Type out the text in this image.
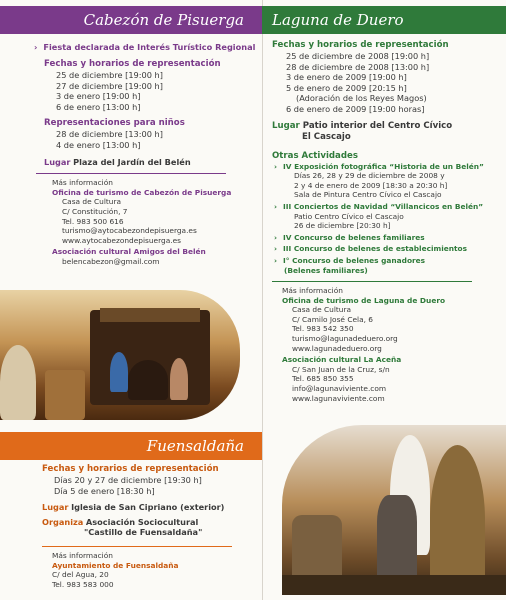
Cabezón de Pisuerga
› Fiesta declarada de Interés Turístico Regional
Fechas y horarios de representación
25 de diciembre [19:00 h]
27 de diciembre [19:00 h]
3 de enero [19:00 h]
6 de enero [13:00 h]
Representaciones para niños
28 de diciembre [13:00 h]
4 de enero [13:00 h]
Lugar Plaza del Jardín del Belén
Más información
Oficina de turismo de Cabezón de Pisuerga
Casa de Cultura
C/ Constitución, 7
Tel. 983 500 616
turismo@aytocabezondepisuerga.es
www.aytocabezondepisuerga.es
Asociación cultural Amigos del Belén
belencabezon@gmail.com
Fuensaldaña
Fechas y horarios de representación
Días 20 y 27 de diciembre [19:30 h]
Día 5 de enero [18:30 h]
Lugar Iglesia de San Cipriano (exterior)
Organiza Asociación Sociocultural
"Castillo de Fuensaldaña"
Más información
Ayuntamiento de Fuensaldaña
C/ del Agua, 20
Tel. 983 583 000
Laguna de Duero
Fechas y horarios de representación
25 de diciembre de 2008 [19:00 h]
28 de diciembre de 2008 [13:00 h]
3 de enero de 2009 [19:00 h]
5 de enero de 2009 [20:15 h]
(Adoración de los Reyes Magos)
6 de enero de 2009 [19:00 horas]
Lugar Patio interior del Centro Cívico
El Cascajo
Otras Actividades
› IV Exposición fotográfica “Historia de un Belén”
Días 26, 28 y 29 de diciembre de 2008 y
2 y 4 de enero de 2009 [18:30 a 20:30 h]
Sala de Pintura Centro Cívico el Cascajo
› III Conciertos de Navidad “Villancicos en Belén”
Patio Centro Cívico el Cascajo
26 de diciembre [20:30 h]
› IV Concurso de belenes familiares
› III Concurso de belenes de establecimientos
› I° Concurso de belenes ganadores
(Belenes familiares)
Más información
Oficina de turismo de Laguna de Duero
Casa de Cultura
C/ Camilo José Cela, 6
Tel. 983 542 350
turismo@lagunadeduero.org
www.lagunadeduero.org
Asociación cultural La Aceña
C/ San Juan de la Cruz, s/n
Tel. 685 850 355
info@lagunaviviente.com
www.lagunaviviente.com
